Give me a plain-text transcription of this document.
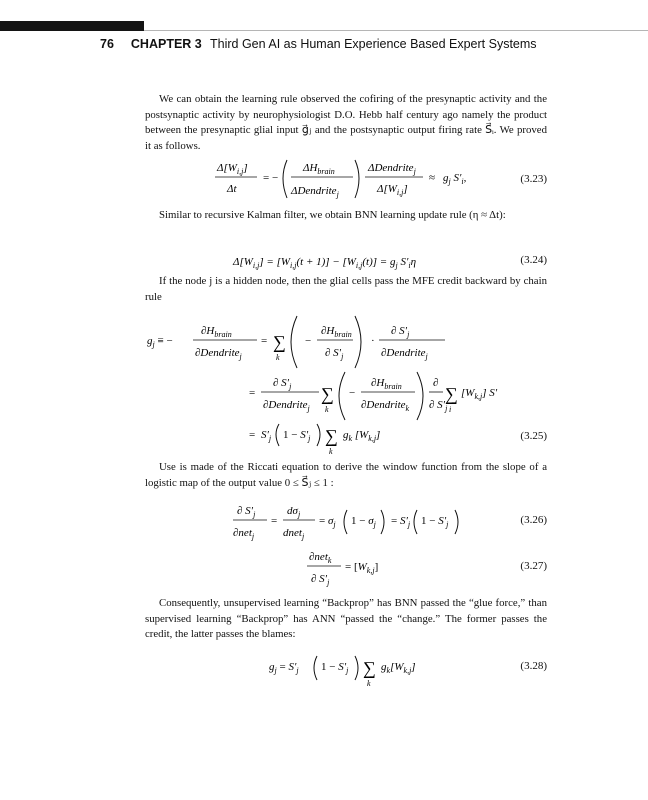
76 CHAPTER 3 Third Gen AI as Human Experience Based Expert Systems

We can obtain the learning rule observed the cofiring of the presynaptic activity and the postsynaptic activity by neurophysiologist D.O. Hebb half century ago namely the product between the presynaptic glial input g⃗ⱼ and the postsynaptic output firing rate S⃗ᵢ. We proved it as follows.

$\Delta[W_{i,j}]$
Δt
= −
$\Delta H_{brain}$
ΔDendrite$_j$
ΔDendrite$_j$
$\Delta[W_{i,j}]$
≈ $g_j$ $S'_i$,	(3.23)

Similar to recursive Kalman filter, we obtain BNN learning update rule (η ≈ Δt):

$\Delta[W_{i,j}] = [W_{i,j}(t + 1)] - [W_{i,j}(t)] = g_j$ $S'_i\eta$	(3.24)

If the node j is a hidden node, then the glial cells pass the MFE credit backward by chain rule

$g_j$ ≡ −
$\partial H_{brain}$
∂Dendrite$_j$
= ∑
k
−
$\partial H_{brain}$
∂ $S'_j$
·
∂ $S'_j$
∂Dendrite$_j$
=
∂ $S'_j$
∂Dendrite$_j$
∑
k
−
$\partial H_{brain}$
∂Dendrite$_k$
∂
∂ $S'_j$
∑
i
$[W_{k,j}]$ S′
= $S'_j$ $1 - S'_j$ ∑
k
$g_k$ $[W_{k,j}]$	(3.25)

Use is made of the Riccati equation to derive the window function from the slope of a logistic map of the output value 0 ≤ S⃗ⱼ ≤ 1 :

∂ $S'_j$
∂net$_j$
=
$d\sigma_j$
dnet$_j$
= $\sigma_j$ $1 - \sigma_j = S'_j$ $1 - S'_j$	(3.26)
∂net$_k$
∂ $S'_j$
= $[W_{k,j}]$	(3.27)

Consequently, unsupervised learning “Backprop” has BNN passed the “glue force,” than supervised learning “Backprop” has ANN “passed the “change.” The former passes the credit, the latter passes the blames:

$g_j = S'_j$ $1 - S'_j$ ∑
k
$g_k[W_{k,j}]$	(3.28)
